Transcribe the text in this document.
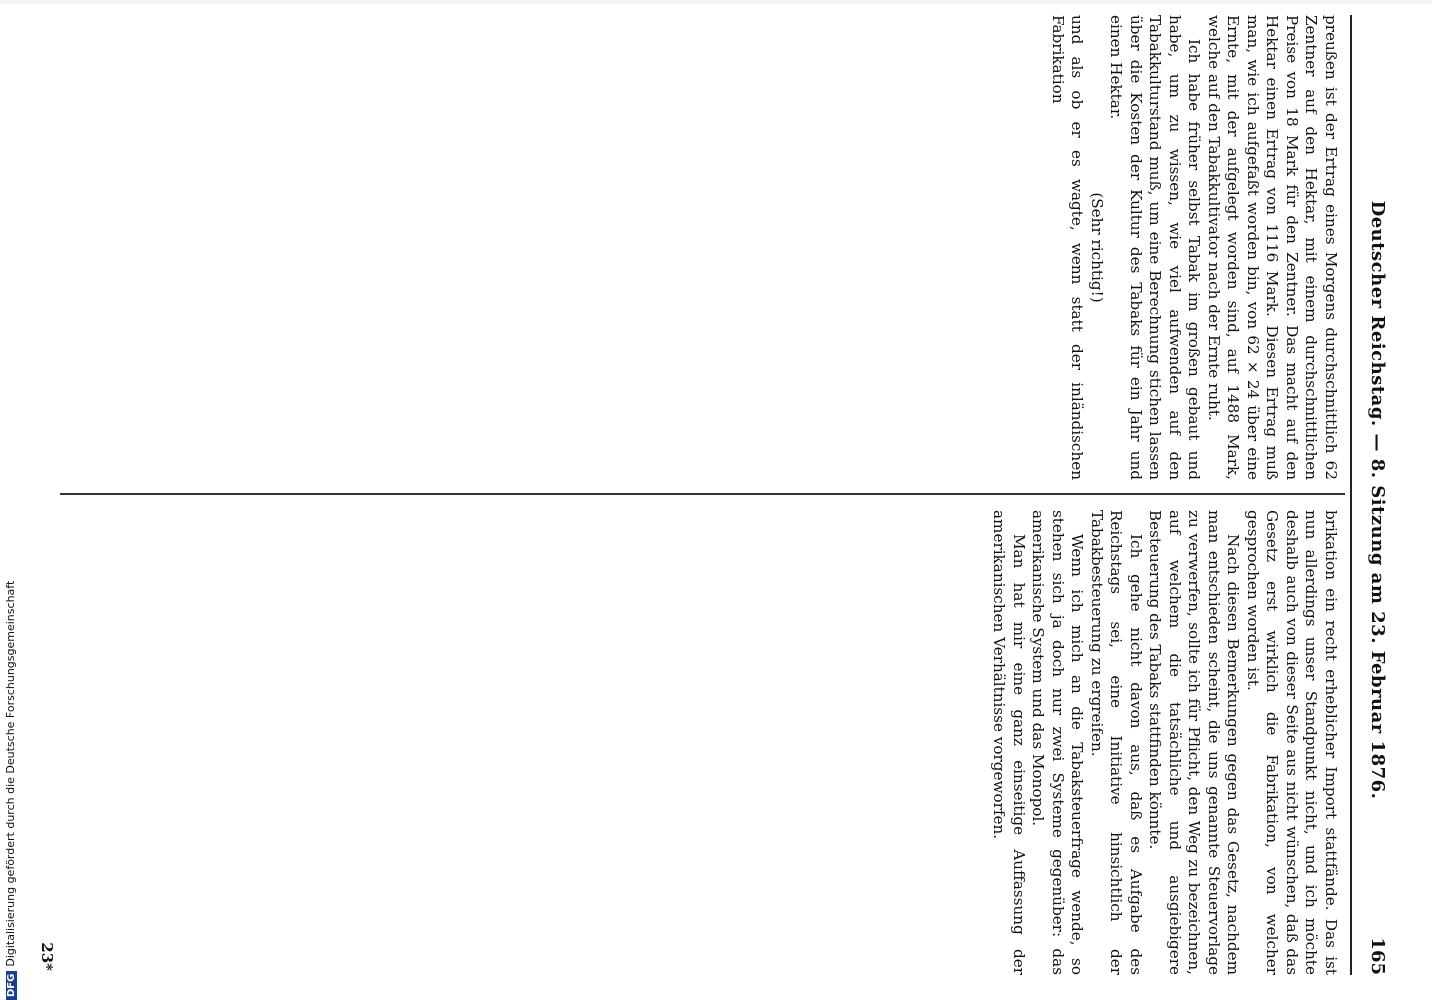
Deutscher Reichstag. — 8. Sitzung am 23. Februar 1876.
165

preußen ist der Ertrag eines Morgens durchschnittlich 62 Zentner auf den Hektar, mit einem durchschnittlichen Preise von 18 Mark für den Zentner. Das macht auf den Hektar einen Ertrag von 1116 Mark. Diesen Ertrag muß man, wie ich aufgefaßt worden bin, von 62 × 24 über eine Ernte, mit der aufgelegt worden sind, auf 1488 Mark, welche auf den Tabakkultivator nach der Ernte ruht.

Ich habe früher selbst Tabak im großen gebaut und habe, um zu wissen, wie viel aufwenden auf den Tabakkulturstand muß, um eine Berechnung stichen lassen über die Kosten der Kultur des Tabaks für ein Jahr und einen Hektar.

(Sehr richtig!)

und als ob er es wagte, wenn statt der inländischen Fabrikation

brikation ein recht erheblicher Import stattfände. Das ist nun allerdings unser Standpunkt nicht, und ich möchte deshalb auch von dieser Seite aus nicht wünschen, daß das Gesetz erst wirklich die Fabrikation, von welcher gesprochen worden ist.

Nach diesen Bemerkungen gegen das Gesetz, nachdem man entschieden scheint, die uns genannte Steuervorlage zu verwerfen, sollte ich für Pflicht, den Weg zu bezeichnen, auf welchem die tatsächliche und ausgiebigere Besteuerung des Tabaks stattfinden könnte.

Ich gehe nicht davon aus, daß es Aufgabe des Reichstags sei, eine Initiative hinsichtlich der Tabakbesteuerung zu ergreifen.

Wenn ich mich an die Tabaksteuerfrage wende, so stehen sich ja doch nur zwei Systeme gegenüber: das amerikanische System und das Monopol.

Man hat mir eine ganz einseitige Auffassung der amerikanischen Verhältnisse vorgeworfen.

23*
DFGDigitalisierung gefördert durch die Deutsche Forschungsgemeinschaft
